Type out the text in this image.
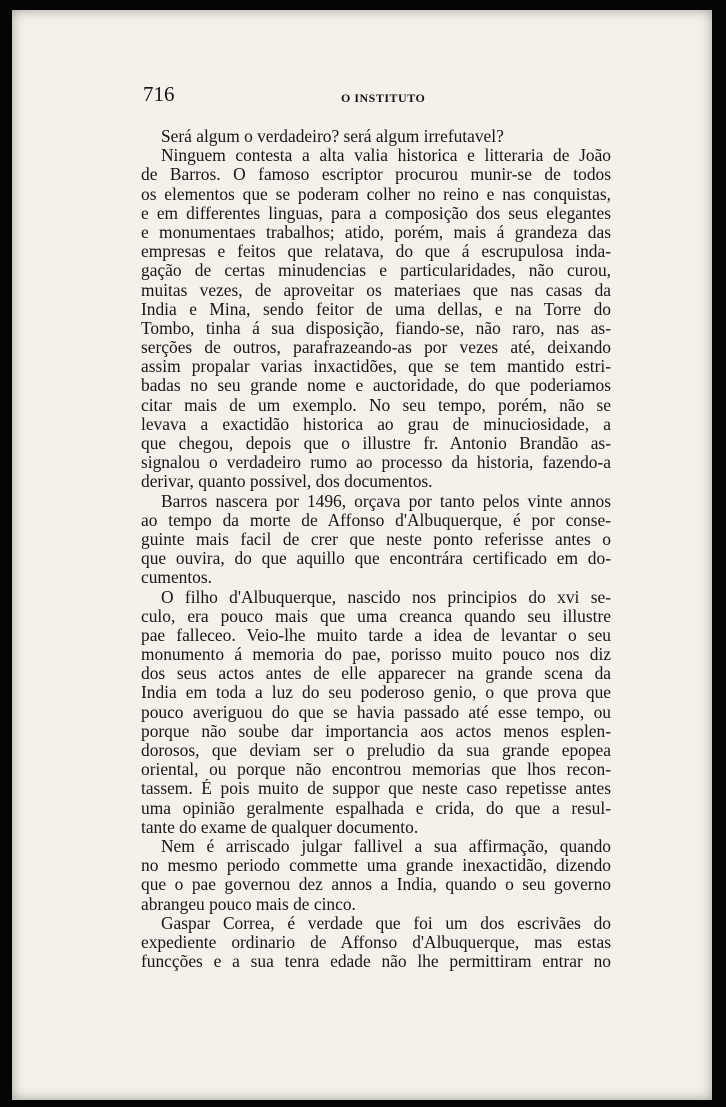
716	O INSTITUTO
Será algum o verdadeiro? será algum irrefutavel?
Ninguem contesta a alta valia historica e litteraria de João
de Barros. O famoso escriptor procurou munir-se de todos
os elementos que se poderam colher no reino e nas conquistas,
e em differentes linguas, para a composição dos seus elegantes
e monumentaes trabalhos; atido, porém, mais á grandeza das
empresas e feitos que relatava, do que á escrupulosa inda-
gação de certas minudencias e particularidades, não curou,
muitas vezes, de aproveitar os materiaes que nas casas da
India e Mina, sendo feitor de uma dellas, e na Torre do
Tombo, tinha á sua disposição, fiando-se, não raro, nas as-
serções de outros, parafrazeando-as por vezes até, deixando
assim propalar varias inxactidões, que se tem mantido estri-
badas no seu grande nome e auctoridade, do que poderiamos
citar mais de um exemplo. No seu tempo, porém, não se
levava a exactidão historica ao grau de minuciosidade, a
que chegou, depois que o illustre fr. Antonio Brandão as-
signalou o verdadeiro rumo ao processo da historia, fazendo-a
derivar, quanto possivel, dos documentos.
Barros nascera por 1496, orçava por tanto pelos vinte annos
ao tempo da morte de Affonso d'Albuquerque, é por conse-
guinte mais facil de crer que neste ponto referisse antes o
que ouvira, do que aquillo que encontrára certificado em do-
cumentos.
O filho d'Albuquerque, nascido nos principios do xvi se-
culo, era pouco mais que uma creanca quando seu illustre
pae falleceo. Veio-lhe muito tarde a idea de levantar o seu
monumento á memoria do pae, porisso muito pouco nos diz
dos seus actos antes de elle apparecer na grande scena da
India em toda a luz do seu poderoso genio, o que prova que
pouco averiguou do que se havia passado até esse tempo, ou
porque não soube dar importancia aos actos menos esplen-
dorosos, que deviam ser o preludio da sua grande epopea
oriental, ou porque não encontrou memorias que lhos recon-
tassem. É pois muito de suppor que neste caso repetisse antes
uma opinião geralmente espalhada e crida, do que a resul-
tante do exame de qualquer documento.
Nem é arriscado julgar fallivel a sua affirmação, quando
no mesmo periodo commette uma grande inexactidão, dizendo
que o pae governou dez annos a India, quando o seu governo
abrangeu pouco mais de cinco.
Gaspar Correa, é verdade que foi um dos escrivães do
expediente ordinario de Affonso d'Albuquerque, mas estas
funcções e a sua tenra edade não lhe permittiram entrar no
